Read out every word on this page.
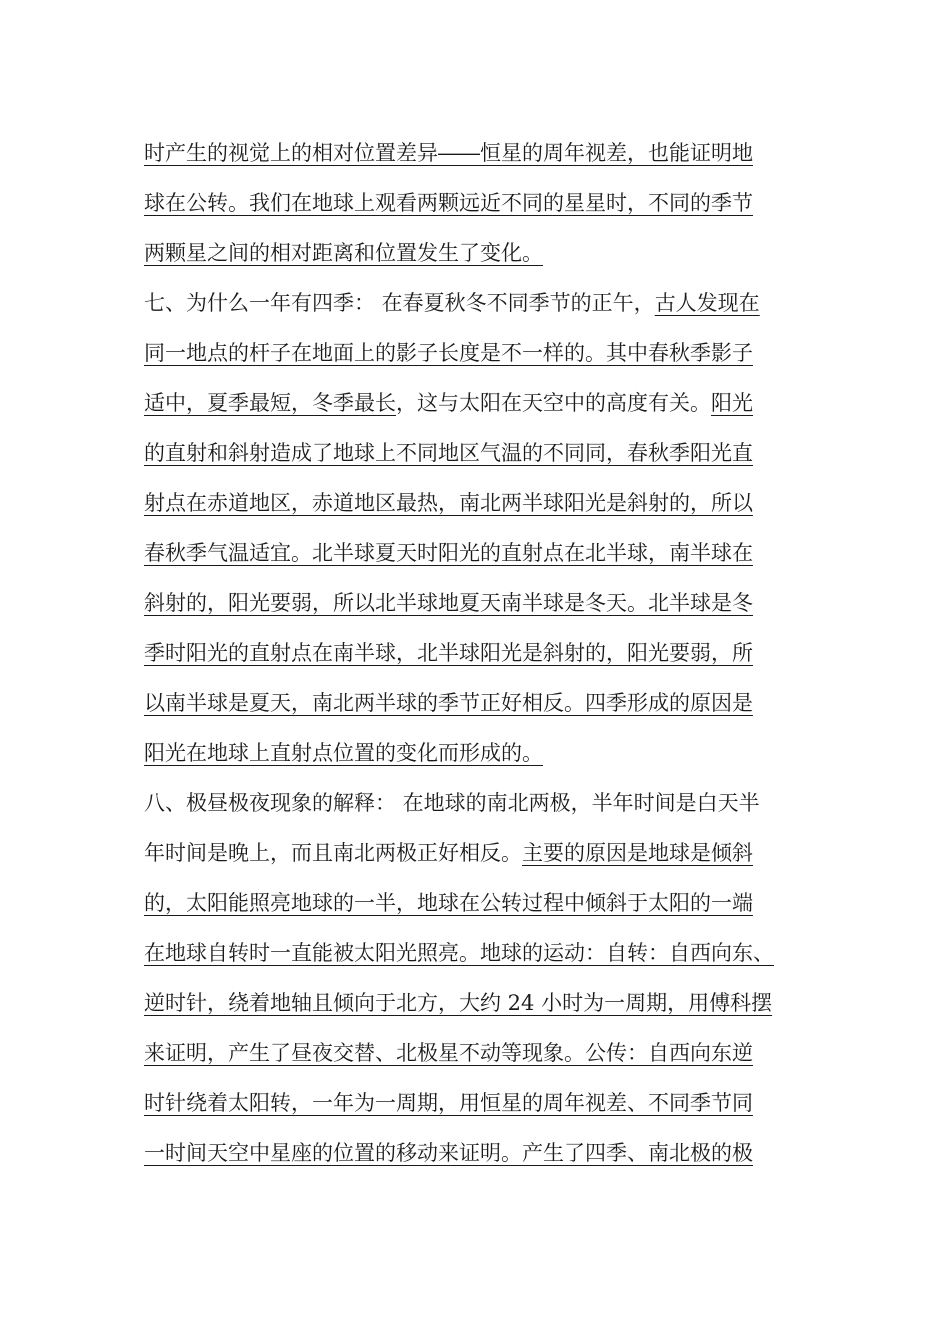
时产生的视觉上的相对位置差异――恒星的周年视差，也能证明地
球在公转。我们在地球上观看两颗远近不同的星星时，不同的季节
两颗星之间的相对距离和位置发生了变化。
七、为什么一年有四季： 在春夏秋冬不同季节的正午，古人发现在
同一地点的杆子在地面上的影子长度是不一样的。其中春秋季影子
适中，夏季最短，冬季最长，这与太阳在天空中的高度有关。阳光
的直射和斜射造成了地球上不同地区气温的不同同，春秋季阳光直
射点在赤道地区，赤道地区最热，南北两半球阳光是斜射的，所以
春秋季气温适宜。北半球夏天时阳光的直射点在北半球，南半球在
斜射的，阳光要弱，所以北半球地夏天南半球是冬天。北半球是冬
季时阳光的直射点在南半球，北半球阳光是斜射的，阳光要弱，所
以南半球是夏天，南北两半球的季节正好相反。四季形成的原因是
阳光在地球上直射点位置的变化而形成的。
八、极昼极夜现象的解释： 在地球的南北两极，半年时间是白天半
年时间是晚上，而且南北两极正好相反。主要的原因是地球是倾斜
的，太阳能照亮地球的一半，地球在公转过程中倾斜于太阳的一端
在地球自转时一直能被太阳光照亮。地球的运动：自转：自西向东、
逆时针，绕着地轴且倾向于北方，大约 24 小时为一周期，用傅科摆
来证明，产生了昼夜交替、北极星不动等现象。公传：自西向东逆
时针绕着太阳转，一年为一周期，用恒星的周年视差、不同季节同
一时间天空中星座的位置的移动来证明。产生了四季、南北极的极
